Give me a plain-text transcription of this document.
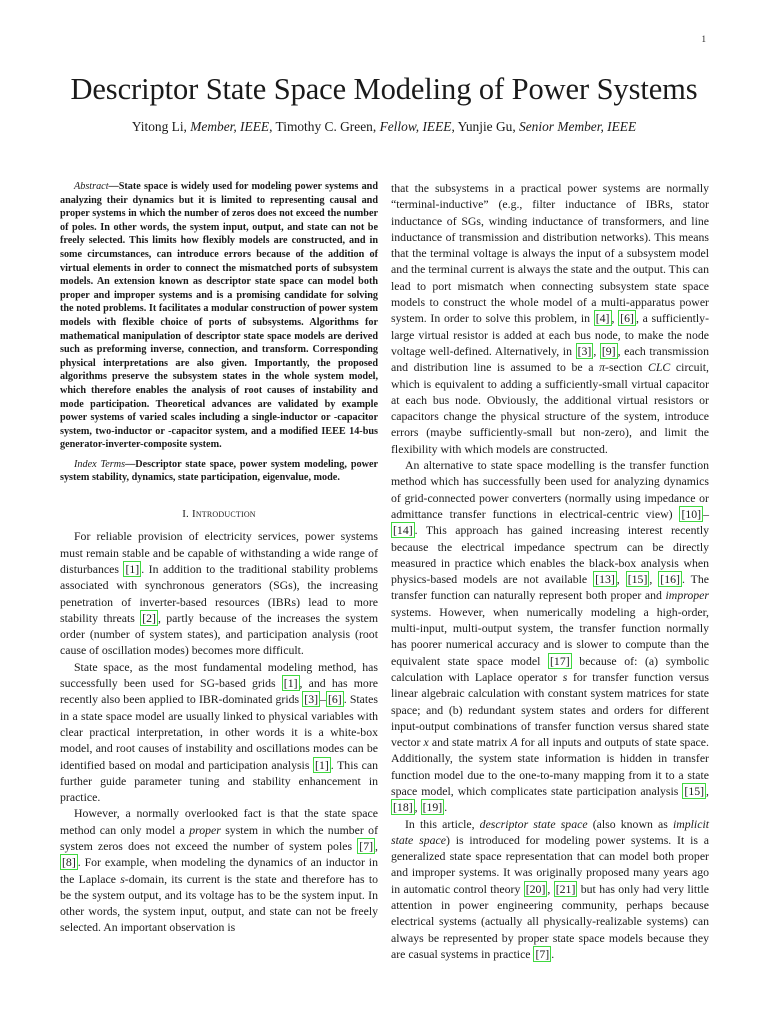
1
Descriptor State Space Modeling of Power Systems
Yitong Li, Member, IEEE, Timothy C. Green, Fellow, IEEE, Yunjie Gu, Senior Member, IEEE

Abstract—State space is widely used for modeling power systems and analyzing their dynamics but it is limited to representing causal and proper systems in which the number of zeros does not exceed the number of poles. In other words, the system input, output, and state can not be freely selected. This limits how flexibly models are constructed, and in some circumstances, can introduce errors because of the addition of virtual elements in order to connect the mismatched ports of subsystem models. An extension known as descriptor state space can model both proper and improper systems and is a promising candidate for solving the noted problems. It facilitates a modular construction of power system models with flexible choice of ports of subsystems. Algorithms for mathematical manipulation of descriptor state space models are derived such as preforming inverse, connection, and transform. Corresponding physical interpretations are also given. Importantly, the proposed algorithms preserve the subsystem states in the whole system model, which therefore enables the analysis of root causes of instability and mode participation. Theoretical advances are validated by example power systems of varied scales including a single-inductor or -capacitor system, two-inductor or -capacitor system, and a modified IEEE 14-bus generator-inverter-composite system.

Index Terms—Descriptor state space, power system modeling, power system stability, dynamics, state participation, eigenvalue, mode.

I. Introduction

For reliable provision of electricity services, power systems must remain stable and be capable of withstanding a wide range of disturbances [1] . In addition to the traditional stability problems associated with synchronous generators (SGs), the increasing penetration of inverter-based resources (IBRs) lead to more stability threats [2] , partly because of the increases the system order (number of system states), and participation analysis (root cause of oscillation modes) becomes more difficult.

State space, as the most fundamental modeling method, has successfully been used for SG-based grids [1] , and has more recently also been applied to IBR-dominated grids [3] – [6] . States in a state space model are usually linked to physical variables with clear practical interpretation, in other words it is a white-box model, and root causes of instability and oscillations modes can be identified based on modal and participation analysis [1] . This can further guide parameter tuning and stability enhancement in practice.

However, a normally overlooked fact is that the state space method can only model a proper system in which the number of system zeros does not exceed the number of system poles [7] , [8] . For example, when modeling the dynamics of an inductor in the Laplace s-domain, its current is the state and therefore has to be the system output, and its voltage has to be the system input. In other words, the system input, output, and state can not be freely selected. An important observation is

that the subsystems in a practical power systems are normally “terminal-inductive” (e.g., filter inductance of IBRs, stator inductance of SGs, winding inductance of transformers, and line inductance of transmission and distribution networks). This means that the terminal voltage is always the input of a subsystem model and the terminal current is always the state and the output. This can lead to port mismatch when connecting subsystem state space models to construct the whole model of a multi-apparatus power system. In order to solve this problem, in [4] , [6] , a sufficiently-large virtual resistor is added at each bus node, to make the node voltage well-defined. Alternatively, in [3] , [9] , each transmission and distribution line is assumed to be a π-section CLC circuit, which is equivalent to adding a sufficiently-small virtual capacitor at each bus node. Obviously, the additional virtual resistors or capacitors change the physical structure of the system, introduce errors (maybe sufficiently-small but non-zero), and limit the flexibility with which models are constructed.

An alternative to state space modelling is the transfer function method which has successfully been used for analyzing dynamics of grid-connected power converters (normally using impedance or admittance transfer functions in electrical-centric view) [10] –[14] . This approach has gained increasing interest recently because the electrical impedance spectrum can be directly measured in practice which enables the black-box analysis when physics-based models are not available [13] , [15] , [16] . The transfer function can naturally represent both proper and improper systems. However, when numerically modeling a high-order, multi-input, multi-output system, the transfer function normally has poorer numerical accuracy and is slower to compute than the equivalent state space model [17] because of: (a) symbolic calculation with Laplace operator s for transfer function versus linear algebraic calculation with constant system matrices for state space; and (b) redundant system states and orders for different input-output combinations of transfer function versus shared state vector x and state matrix A for all inputs and outputs of state space. Additionally, the system state information is hidden in transfer function model due to the one-to-many mapping from it to a state space model, which complicates state participation analysis [15] , [18] , [19] .

In this article, descriptor state space (also known as implicit state space) is introduced for modeling power systems. It is a generalized state space representation that can model both proper and improper systems. It was originally proposed many years ago in automatic control theory [20] , [21] but has only had very little attention in power engineering community, perhaps because electrical systems (actually all physically-realizable systems) can always be represented by proper state space models because they are casual systems in practice [7] .
